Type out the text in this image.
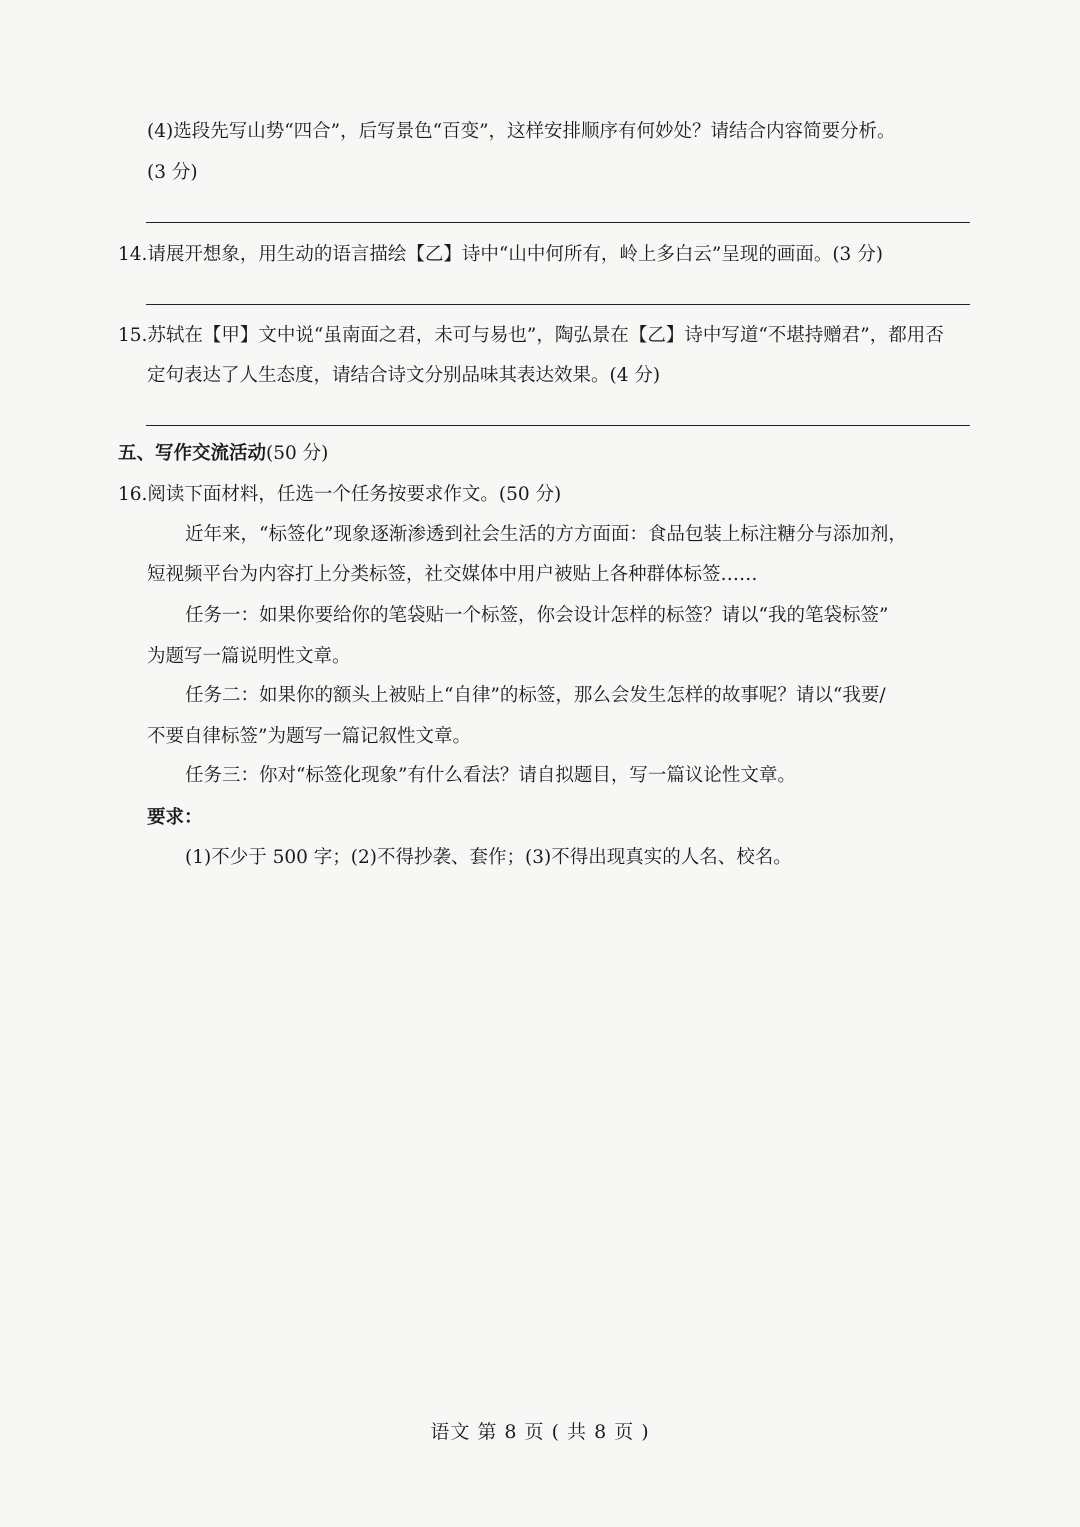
(4)选段先写山势“四合”，后写景色“百变”，这样安排顺序有何妙处？请结合内容简要分析。
(3 分)
14.请展开想象，用生动的语言描绘【乙】诗中“山中何所有，岭上多白云”呈现的画面。(3 分)
15.苏轼在【甲】文中说“虽南面之君，未可与易也”，陶弘景在【乙】诗中写道“不堪持赠君”，都用否
定句表达了人生态度，请结合诗文分别品味其表达效果。(4 分)
五、写作交流活动(50 分)
16.阅读下面材料，任选一个任务按要求作文。(50 分)
近年来，“标签化”现象逐渐渗透到社会生活的方方面面：食品包装上标注糖分与添加剂，
短视频平台为内容打上分类标签，社交媒体中用户被贴上各种群体标签……
任务一：如果你要给你的笔袋贴一个标签，你会设计怎样的标签？请以“我的笔袋标签”
为题写一篇说明性文章。
任务二：如果你的额头上被贴上“自律”的标签，那么会发生怎样的故事呢？请以“我要/
不要自律标签”为题写一篇记叙性文章。
任务三：你对“标签化现象”有什么看法？请自拟题目，写一篇议论性文章。
要求：
(1)不少于 500 字；(2)不得抄袭、套作；(3)不得出现真实的人名、校名。
语文 第 8 页 ( 共 8 页 )
